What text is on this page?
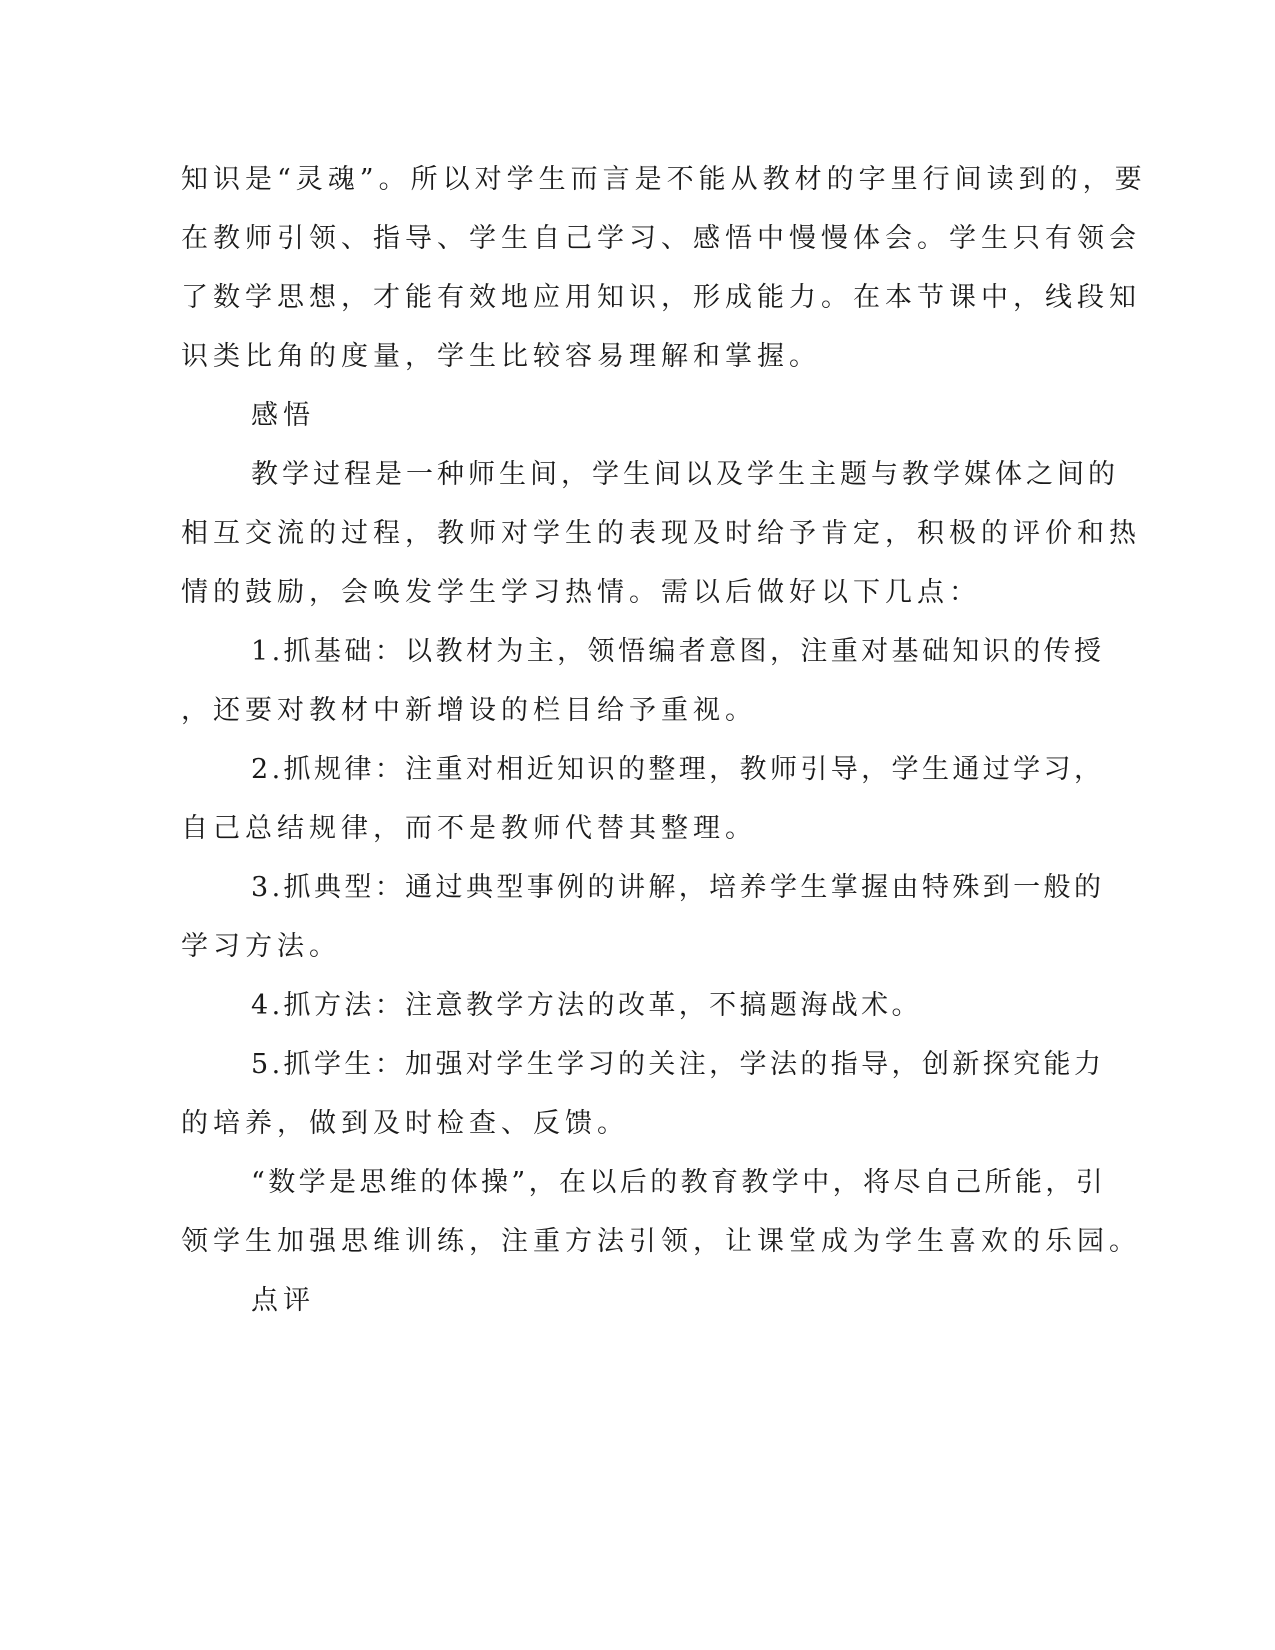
知识是“灵魂”。所以对学生而言是不能从教材的字里行间读到的，要
在教师引领、指导、学生自己学习、感悟中慢慢体会。学生只有领会
了数学思想，才能有效地应用知识，形成能力。在本节课中，线段知
识类比角的度量，学生比较容易理解和掌握。
感悟
教学过程是一种师生间，学生间以及学生主题与教学媒体之间的
相互交流的过程，教师对学生的表现及时给予肯定，积极的评价和热
情的鼓励，会唤发学生学习热情。需以后做好以下几点：
1.抓基础：以教材为主，领悟编者意图，注重对基础知识的传授
，还要对教材中新增设的栏目给予重视。
2.抓规律：注重对相近知识的整理，教师引导，学生通过学习，
自己总结规律，而不是教师代替其整理。
3.抓典型：通过典型事例的讲解，培养学生掌握由特殊到一般的
学习方法。
4.抓方法：注意教学方法的改革，不搞题海战术。
5.抓学生：加强对学生学习的关注，学法的指导，创新探究能力
的培养，做到及时检查、反馈。
“数学是思维的体操”，在以后的教育教学中，将尽自己所能，引
领学生加强思维训练，注重方法引领，让课堂成为学生喜欢的乐园。
点评
